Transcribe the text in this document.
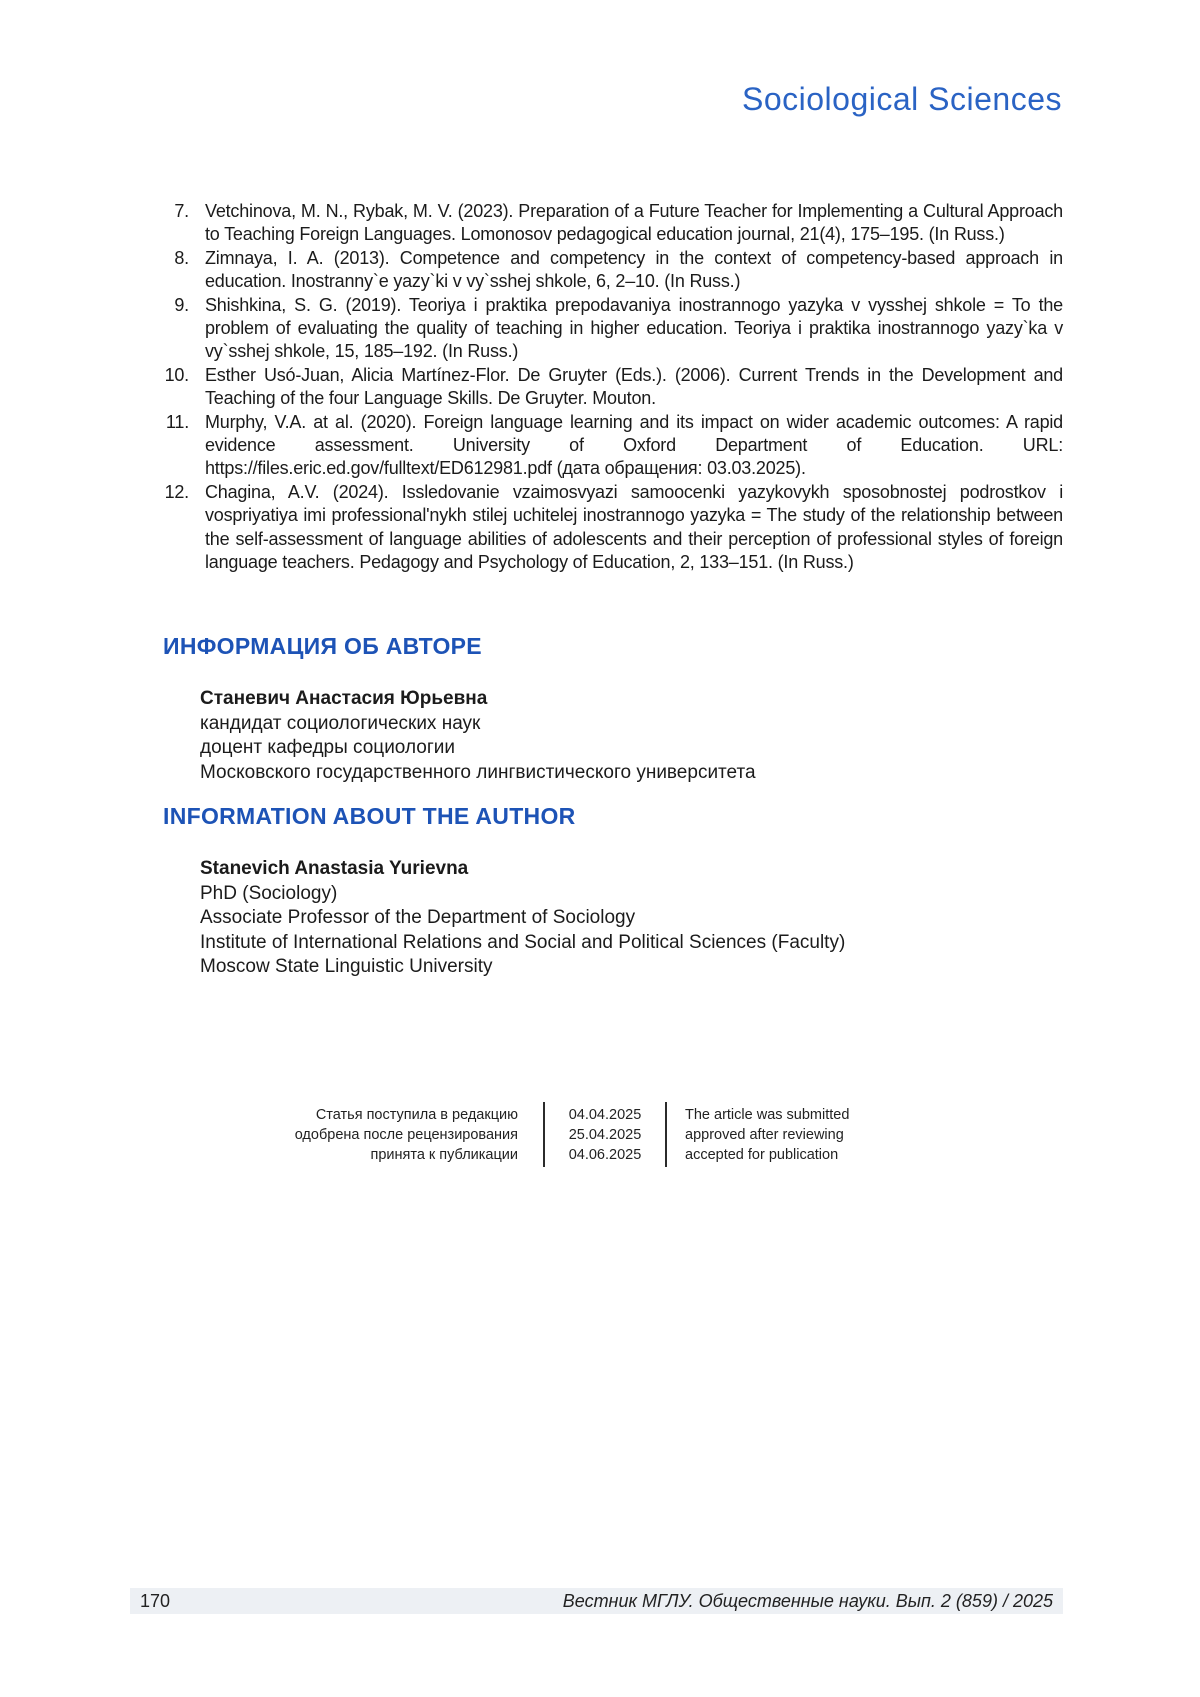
Sociological Sciences
7. Vetchinova, M. N., Rybak, M. V. (2023). Preparation of a Future Teacher for Implementing a Cultural Approach to Teaching Foreign Languages. Lomonosov pedagogical education journal, 21(4), 175–195. (In Russ.)
8. Zimnaya, I. A. (2013). Competence and competency in the context of competency-based approach in education. Inostranny`e yazy`ki v vy`sshej shkole, 6, 2–10. (In Russ.)
9. Shishkina, S. G. (2019). Teoriya i praktika prepodavaniya inostrannogo yazyka v vysshej shkole = To the problem of evaluating the quality of teaching in higher education. Teoriya i praktika inostrannogo yazy`ka v vy`sshej shkole, 15, 185–192. (In Russ.)
10. Esther Usó-Juan, Alicia Martínez-Flor. De Gruyter (Eds.). (2006). Current Trends in the Development and Teaching of the four Language Skills. De Gruyter. Mouton.
11. Murphy, V.A. at al. (2020). Foreign language learning and its impact on wider academic outcomes: A rapid evidence assessment. University of Oxford Department of Education. URL: https://files.eric.ed.gov/fulltext/ED612981.pdf (дата обращения: 03.03.2025).
12. Chagina, A.V. (2024). Issledovanie vzaimosvyazi samoocenki yazykovykh sposobnostej podrostkov i vospriyatiya imi professional'nykh stilej uchitelej inostrannogo yazyka = The study of the relationship between the self-assessment of language abilities of adolescents and their perception of professional styles of foreign language teachers. Pedagogy and Psychology of Education, 2, 133–151. (In Russ.)
ИНФОРМАЦИЯ ОБ АВТОРЕ
Станевич Анастасия Юрьевна
кандидат социологических наук
доцент кафедры социологии
Московского государственного лингвистического университета
INFORMATION ABOUT THE AUTHOR
Stanevich Anastasia Yurievna
PhD (Sociology)
Associate Professor of the Department of Sociology
Institute of International Relations and Social and Political Sciences (Faculty)
Moscow State Linguistic University
Статья поступила в редакцию
одобрена после рецензирования
принята к публикации
04.04.2025
25.04.2025
04.06.2025
The article was submitted
approved after reviewing
accepted for publication
170	Вестник МГЛУ. Общественные науки. Вып. 2 (859) / 2025
